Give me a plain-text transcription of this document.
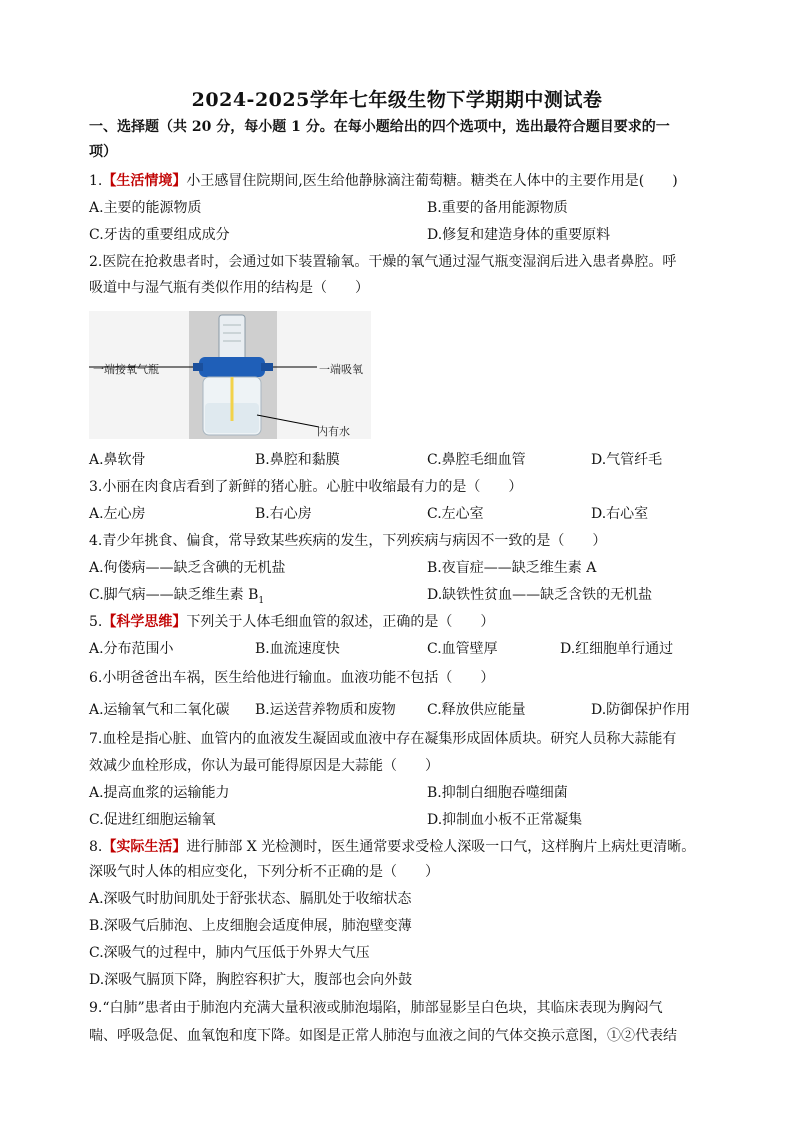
2024-2025学年七年级生物下学期期中测试卷
一、选择题（共 20 分，每小题 1 分。在每小题给出的四个选项中，选出最符合题目要求的一
项）
1.【生活情境】小王感冒住院期间,医生给他静脉滴注葡萄糖。糖类在人体中的主要作用是(　　)
A.主要的能源物质	B.重要的备用能源物质
C.牙齿的重要组成成分	D.修复和建造身体的重要原料
2.医院在抢救患者时，会通过如下装置输氧。干燥的氧气通过湿气瓶变湿润后进入患者鼻腔。呼
吸道中与湿气瓶有类似作用的结构是（　　）
一端接氧气瓶	一端吸氧
内有水
A.鼻软骨	B.鼻腔和黏膜	C.鼻腔毛细血管	D.气管纤毛
3.小丽在肉食店看到了新鲜的猪心脏。心脏中收缩最有力的是（　　）
A.左心房	B.右心房	C.左心室	D.右心室
4.青少年挑食、偏食，常导致某些疾病的发生，下列疾病与病因不一致的是（　　）
A.佝偻病——缺乏含碘的无机盐	B.夜盲症——缺乏维生素 A
C.脚气病——缺乏维生素 $B_1$	D.缺铁性贫血——缺乏含铁的无机盐
5.【科学思维】下列关于人体毛细血管的叙述，正确的是（　　）
A.分布范围小	B.血流速度快	C.血管壁厚	D.红细胞单行通过
6.小明爸爸出车祸，医生给他进行输血。血液功能不包括（　　）
A.运输氧气和二氧化碳 B.运送营养物质和废物 C.释放供应能量	D.防御保护作用
7.血栓是指心脏、血管内的血液发生凝固或血液中存在凝集形成固体质块。研究人员称大蒜能有
效减少血栓形成，你认为最可能得原因是大蒜能（　　）
A.提高血浆的运输能力	B.抑制白细胞吞噬细菌
C.促进红细胞运输氧	D.抑制血小板不正常凝集
8.【实际生活】进行肺部 X 光检测时，医生通常要求受检人深吸一口气，这样胸片上病灶更清晰。
深吸气时人体的相应变化，下列分析不正确的是（　　）
A.深吸气时肋间肌处于舒张状态、膈肌处于收缩状态
B.深吸气后肺泡、上皮细胞会适度伸展，肺泡壁变薄
C.深吸气的过程中，肺内气压低于外界大气压
D.深吸气膈顶下降，胸腔容积扩大，腹部也会向外鼓
9.“白肺”患者由于肺泡内充满大量积液或肺泡塌陷，肺部显影呈白色块，其临床表现为胸闷气
喘、呼吸急促、血氧饱和度下降。如图是正常人肺泡与血液之间的气体交换示意图，①②代表结
